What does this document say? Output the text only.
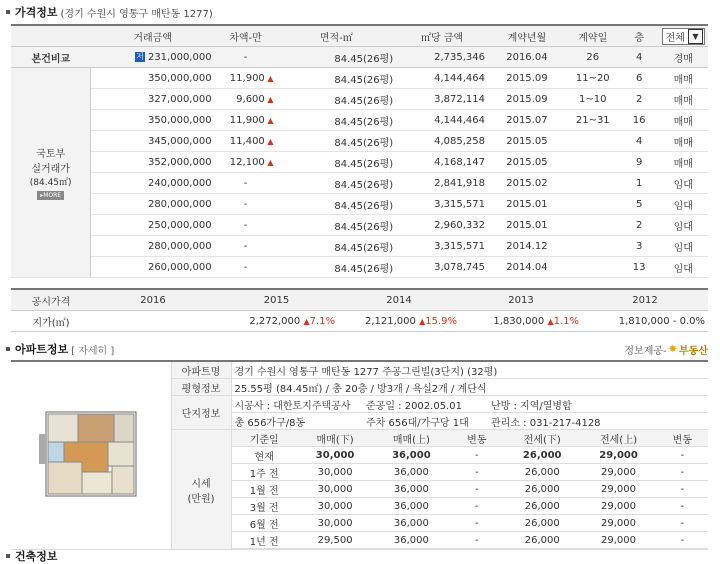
가격정보 (경기 수원시 영통구 매탄동 1277)
	거래금액	차액-만	면적-㎡	㎡당 금액	계약년월	계약일	층	전체 ▼

본건비교	저 231,000,000	-	84.45(26평)	2,735,346	2016.04	26	4	경매

국토부
실거래가
(84.45㎡)
▸MORE	350,000,000	11,900 ▲	84.45(26평)	4,144,464	2015.09	11~20	6	매매
	327,000,000	9,600 ▲	84.45(26평)	3,872,114	2015.09	1~10	2	매매
	350,000,000	11,900 ▲	84.45(26평)	4,144,464	2015.07	21~31	16	매매
	345,000,000	11,400 ▲	84.45(26평)	4,085,258	2015.05		4	매매
	352,000,000	12,100 ▲	84.45(26평)	4,168,147	2015.05		9	매매
	240,000,000	-	84.45(26평)	2,841,918	2015.02		1	임대
	280,000,000	-	84.45(26평)	3,315,571	2015.01		5	임대
	250,000,000	-	84.45(26평)	2,960,332	2015.01		2	임대
	280,000,000	-	84.45(26평)	3,315,571	2014.12		3	임대
	260,000,000	-	84.45(26평)	3,078,745	2014.04		13	임대
공시가격	2016	2015	2014	2013	2012
지가(㎡)		2,272,000 ▲7.1%	2,121,000 ▲15.9%	1,830,000 ▲1.1%	1,810,000 - 0.0%
아파트정보 [ 자세히 ]	정보제공- ✸ 부동산
	아파트명	경기 수원시 영통구 매탄동 1277 주공그린빌(3단지) (32평)
평형정보	25.55평 (84.45㎡) / 총 20층 / 방3개 / 욕실2개 / 계단식
단지정보	시공사 : 대한토지주택공사	준공일 : 2002.05.01	난방 : 지역/열병합
총 656가구/8동	주차 656대/가구당 1대	관리소 : 031-217-4128

시세
(만원)

기준일	매매(下)	매매(上)	변동	전세(下)	전세(上)	변동
현재	30,000	36,000	-	26,000	29,000	-
1주 전	30,000	36,000	-	26,000	29,000	-
1월 전	30,000	36,000	-	26,000	29,000	-
3월 전	30,000	36,000	-	26,000	29,000	-
6월 전	30,000	36,000	-	26,000	29,000	-
1년 전	29,500	36,000	-	26,000	29,000	-
건축정보
